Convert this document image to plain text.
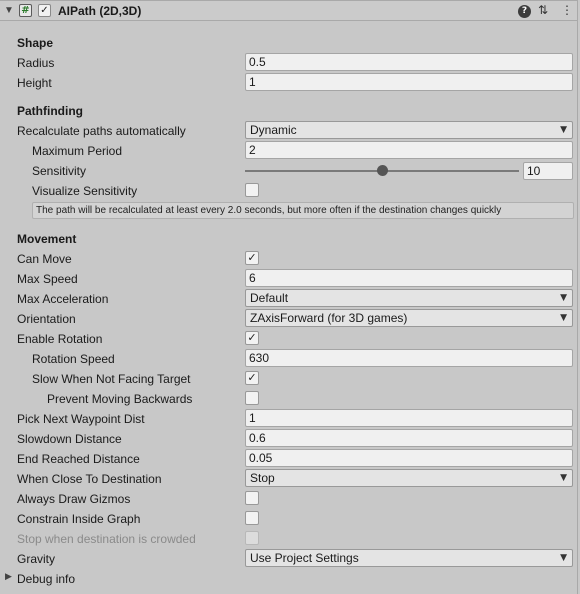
▼ # ✓ AIPath (2D,3D)	? ⇅ ⋮
Shape
Radius	0.5
Height	1
Pathfinding
Recalculate paths automatically	Dynamic	▼
Maximum Period	2
Sensitivity	10
Visualize Sensitivity
The path will be recalculated at least every 2.0 seconds, but more often if the destination changes quickly
Movement
Can Move	✓
Max Speed	6
Max Acceleration	Default	▼
Orientation	ZAxisForward (for 3D games)	▼
Enable Rotation	✓
Rotation Speed	630
Slow When Not Facing Target	✓
Prevent Moving Backwards
Pick Next Waypoint Dist	1
Slowdown Distance	0.6
End Reached Distance	0.05
When Close To Destination	Stop	▼
Always Draw Gizmos
Constrain Inside Graph
Stop when destination is crowded
Gravity	Use Project Settings	▼
▶ Debug info
